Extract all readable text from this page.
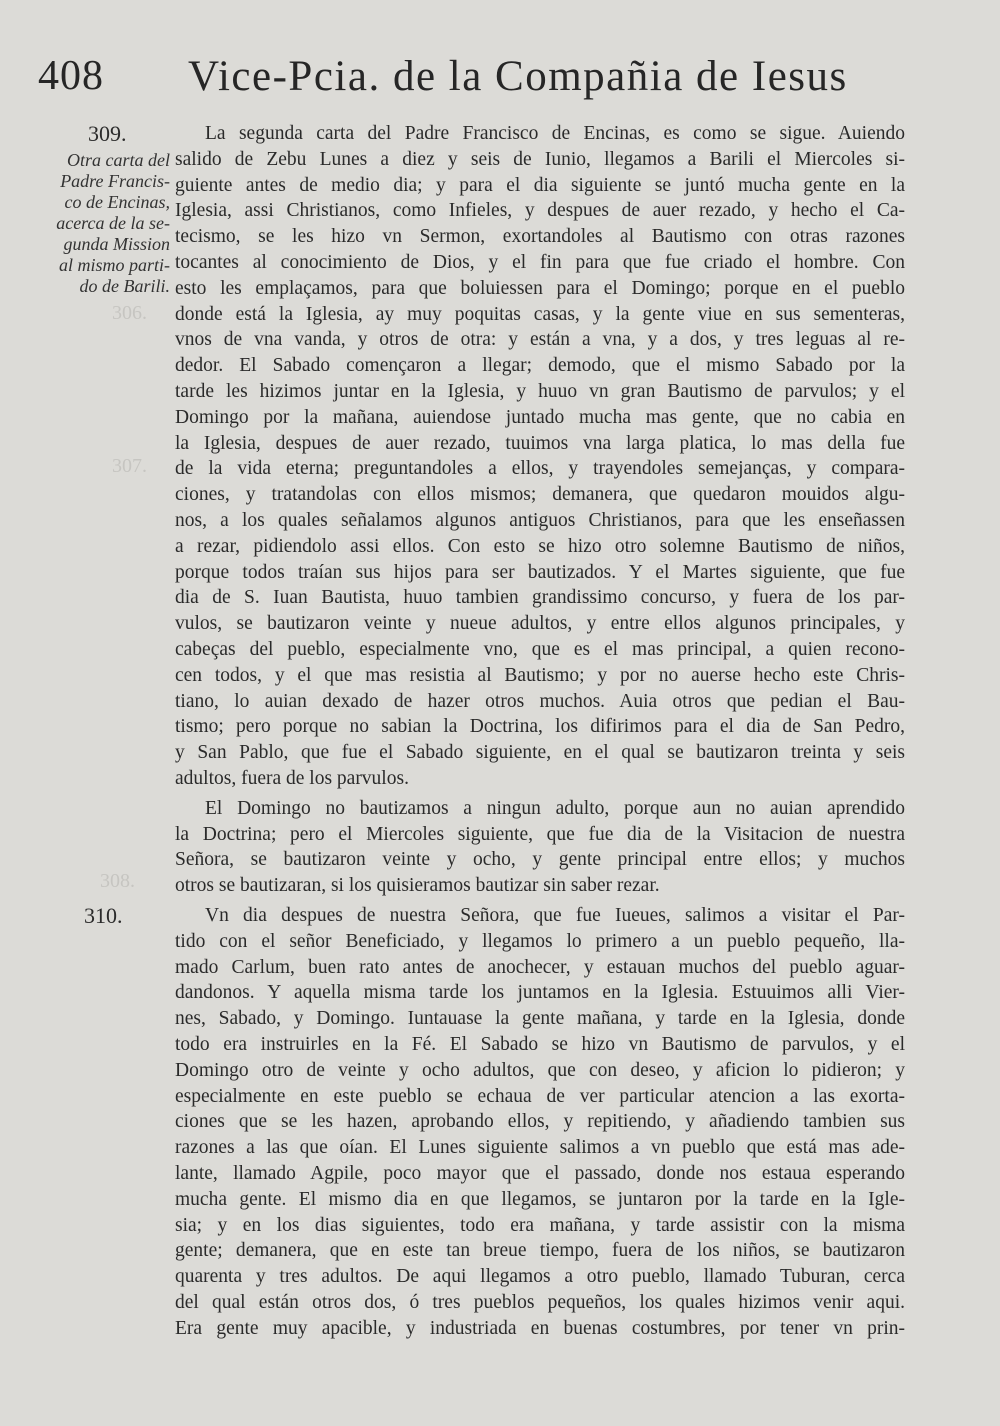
306.
307.
308.
408 Vice-Pcia. de la Compañia de Iesus
309.
310.
Otra carta del
Padre Francis-
co de Encinas,
acerca de la se-
gunda Mission
al mismo parti-
do de Barili.
La segunda carta del Padre Francisco de Encinas, es como se sigue. Auiendo
salido de Zebu Lunes a diez y seis de Iunio, llegamos a Barili el Miercoles si-
guiente antes de medio dia; y para el dia siguiente se juntó mucha gente en la
Iglesia, assi Christianos, como Infieles, y despues de auer rezado, y hecho el Ca-
tecismo, se les hizo vn Sermon, exortandoles al Bautismo con otras razones
tocantes al conocimiento de Dios, y el fin para que fue criado el hombre. Con
esto les emplaçamos, para que boluiessen para el Domingo; porque en el pueblo
donde está la Iglesia, ay muy poquitas casas, y la gente viue en sus sementeras,
vnos de vna vanda, y otros de otra: y están a vna, y a dos, y tres leguas al re-
dedor. El Sabado començaron a llegar; demodo, que el mismo Sabado por la
tarde les hizimos juntar en la Iglesia, y huuo vn gran Bautismo de parvulos; y el
Domingo por la mañana, auiendose juntado mucha mas gente, que no cabia en
la Iglesia, despues de auer rezado, tuuimos vna larga platica, lo mas della fue
de la vida eterna; preguntandoles a ellos, y trayendoles semejanças, y compara-
ciones, y tratandolas con ellos mismos; demanera, que quedaron mouidos algu-
nos, a los quales señalamos algunos antiguos Christianos, para que les enseñassen
a rezar, pidiendolo assi ellos. Con esto se hizo otro solemne Bautismo de niños,
porque todos traían sus hijos para ser bautizados. Y el Martes siguiente, que fue
dia de S. Iuan Bautista, huuo tambien grandissimo concurso, y fuera de los par-
vulos, se bautizaron veinte y nueue adultos, y entre ellos algunos principales, y
cabeças del pueblo, especialmente vno, que es el mas principal, a quien recono-
cen todos, y el que mas resistia al Bautismo; y por no auerse hecho este Chris-
tiano, lo auian dexado de hazer otros muchos. Auia otros que pedian el Bau-
tismo; pero porque no sabian la Doctrina, los difirimos para el dia de San Pedro,
y San Pablo, que fue el Sabado siguiente, en el qual se bautizaron treinta y seis
adultos, fuera de los parvulos.
El Domingo no bautizamos a ningun adulto, porque aun no auian aprendido
la Doctrina; pero el Miercoles siguiente, que fue dia de la Visitacion de nuestra
Señora, se bautizaron veinte y ocho, y gente principal entre ellos; y muchos
otros se bautizaran, si los quisieramos bautizar sin saber rezar.
Vn dia despues de nuestra Señora, que fue Iueues, salimos a visitar el Par-
tido con el señor Beneficiado, y llegamos lo primero a un pueblo pequeño, lla-
mado Carlum, buen rato antes de anochecer, y estauan muchos del pueblo aguar-
dandonos. Y aquella misma tarde los juntamos en la Iglesia. Estuuimos alli Vier-
nes, Sabado, y Domingo. Iuntauase la gente mañana, y tarde en la Iglesia, donde
todo era instruirles en la Fé. El Sabado se hizo vn Bautismo de parvulos, y el
Domingo otro de veinte y ocho adultos, que con deseo, y aficion lo pidieron; y
especialmente en este pueblo se echaua de ver particular atencion a las exorta-
ciones que se les hazen, aprobando ellos, y repitiendo, y añadiendo tambien sus
razones a las que oían. El Lunes siguiente salimos a vn pueblo que está mas ade-
lante, llamado Agpile, poco mayor que el passado, donde nos estaua esperando
mucha gente. El mismo dia en que llegamos, se juntaron por la tarde en la Igle-
sia; y en los dias siguientes, todo era mañana, y tarde assistir con la misma
gente; demanera, que en este tan breue tiempo, fuera de los niños, se bautizaron
quarenta y tres adultos. De aqui llegamos a otro pueblo, llamado Tuburan, cerca
del qual están otros dos, ó tres pueblos pequeños, los quales hizimos venir aqui.
Era gente muy apacible, y industriada en buenas costumbres, por tener vn prin-
